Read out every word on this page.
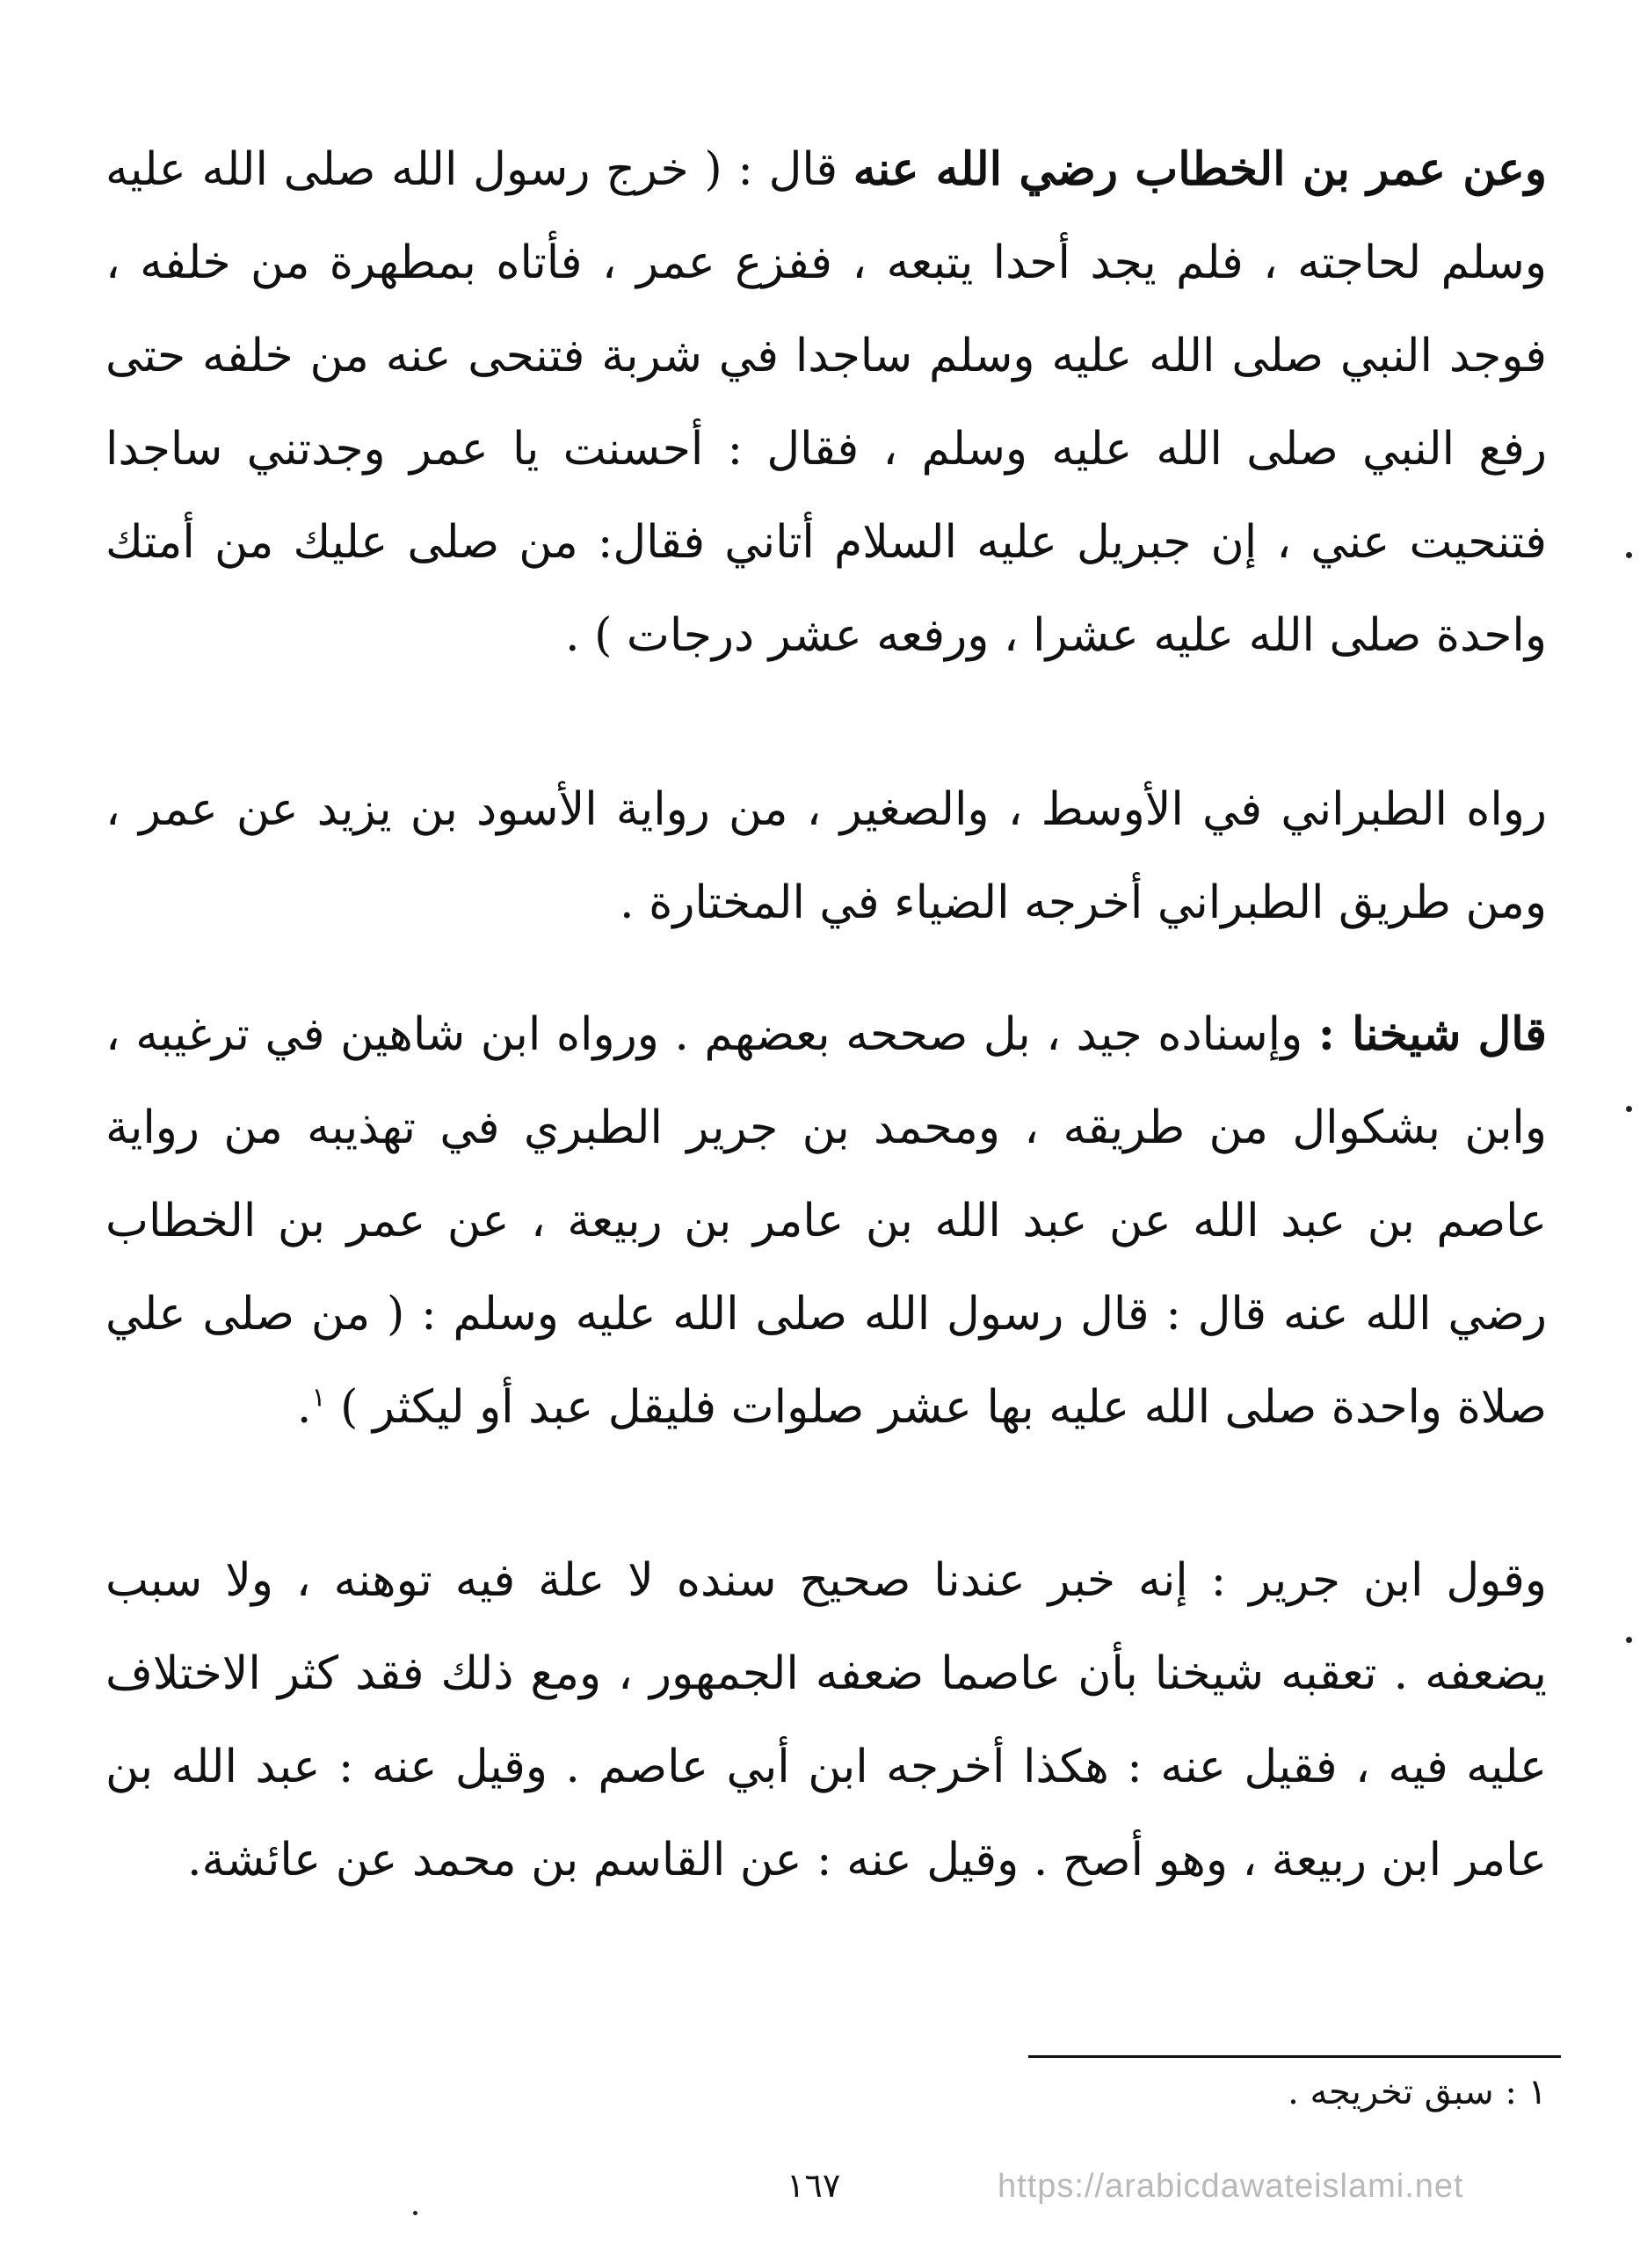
وعن عمر بن الخطاب رضي الله عنه قال : ( خرج رسول الله صلى الله عليه وسلم لحاجته ، فلم يجد أحدا يتبعه ، ففزع عمر ، فأتاه بمطهرة من خلفه ، فوجد النبي صلى الله عليه وسلم ساجدا في شربة فتنحى عنه من خلفه حتى رفع النبي صلى الله عليه وسلم ، فقال : أحسنت يا عمر وجدتني ساجدا فتنحيت عني ، إن جبريل عليه السلام أتاني فقال: من صلى عليك من أمتك واحدة صلى الله عليه عشرا ، ورفعه عشر درجات ) .
رواه الطبراني في الأوسط ، والصغير ، من رواية الأسود بن يزيد عن عمر ، ومن طريق الطبراني أخرجه الضياء في المختارة .
قال شيخنا : وإسناده جيد ، بل صححه بعضهم . ورواه ابن شاهين في ترغيبه ، وابن بشكوال من طريقه ، ومحمد بن جرير الطبري في تهذيبه من رواية عاصم بن عبد الله عن عبد الله بن عامر بن ربيعة ، عن عمر بن الخطاب رضي الله عنه قال : قال رسول الله صلى الله عليه وسلم : ( من صلى علي صلاة واحدة صلى الله عليه بها عشر صلوات فليقل عبد أو ليكثر ) $^١$.
وقول ابن جرير : إنه خبر عندنا صحيح سنده لا علة فيه توهنه ، ولا سبب يضعفه . تعقبه شيخنا بأن عاصما ضعفه الجمهور ، ومع ذلك فقد كثر الاختلاف عليه فيه ، فقيل عنه : هكذا أخرجه ابن أبي عاصم . وقيل عنه : عبد الله بن عامر ابن ربيعة ، وهو أصح . وقيل عنه : عن القاسم بن محمد عن عائشة.
١ : سبق تخريجه .
١٦٧	https://arabicdawateislami.net
